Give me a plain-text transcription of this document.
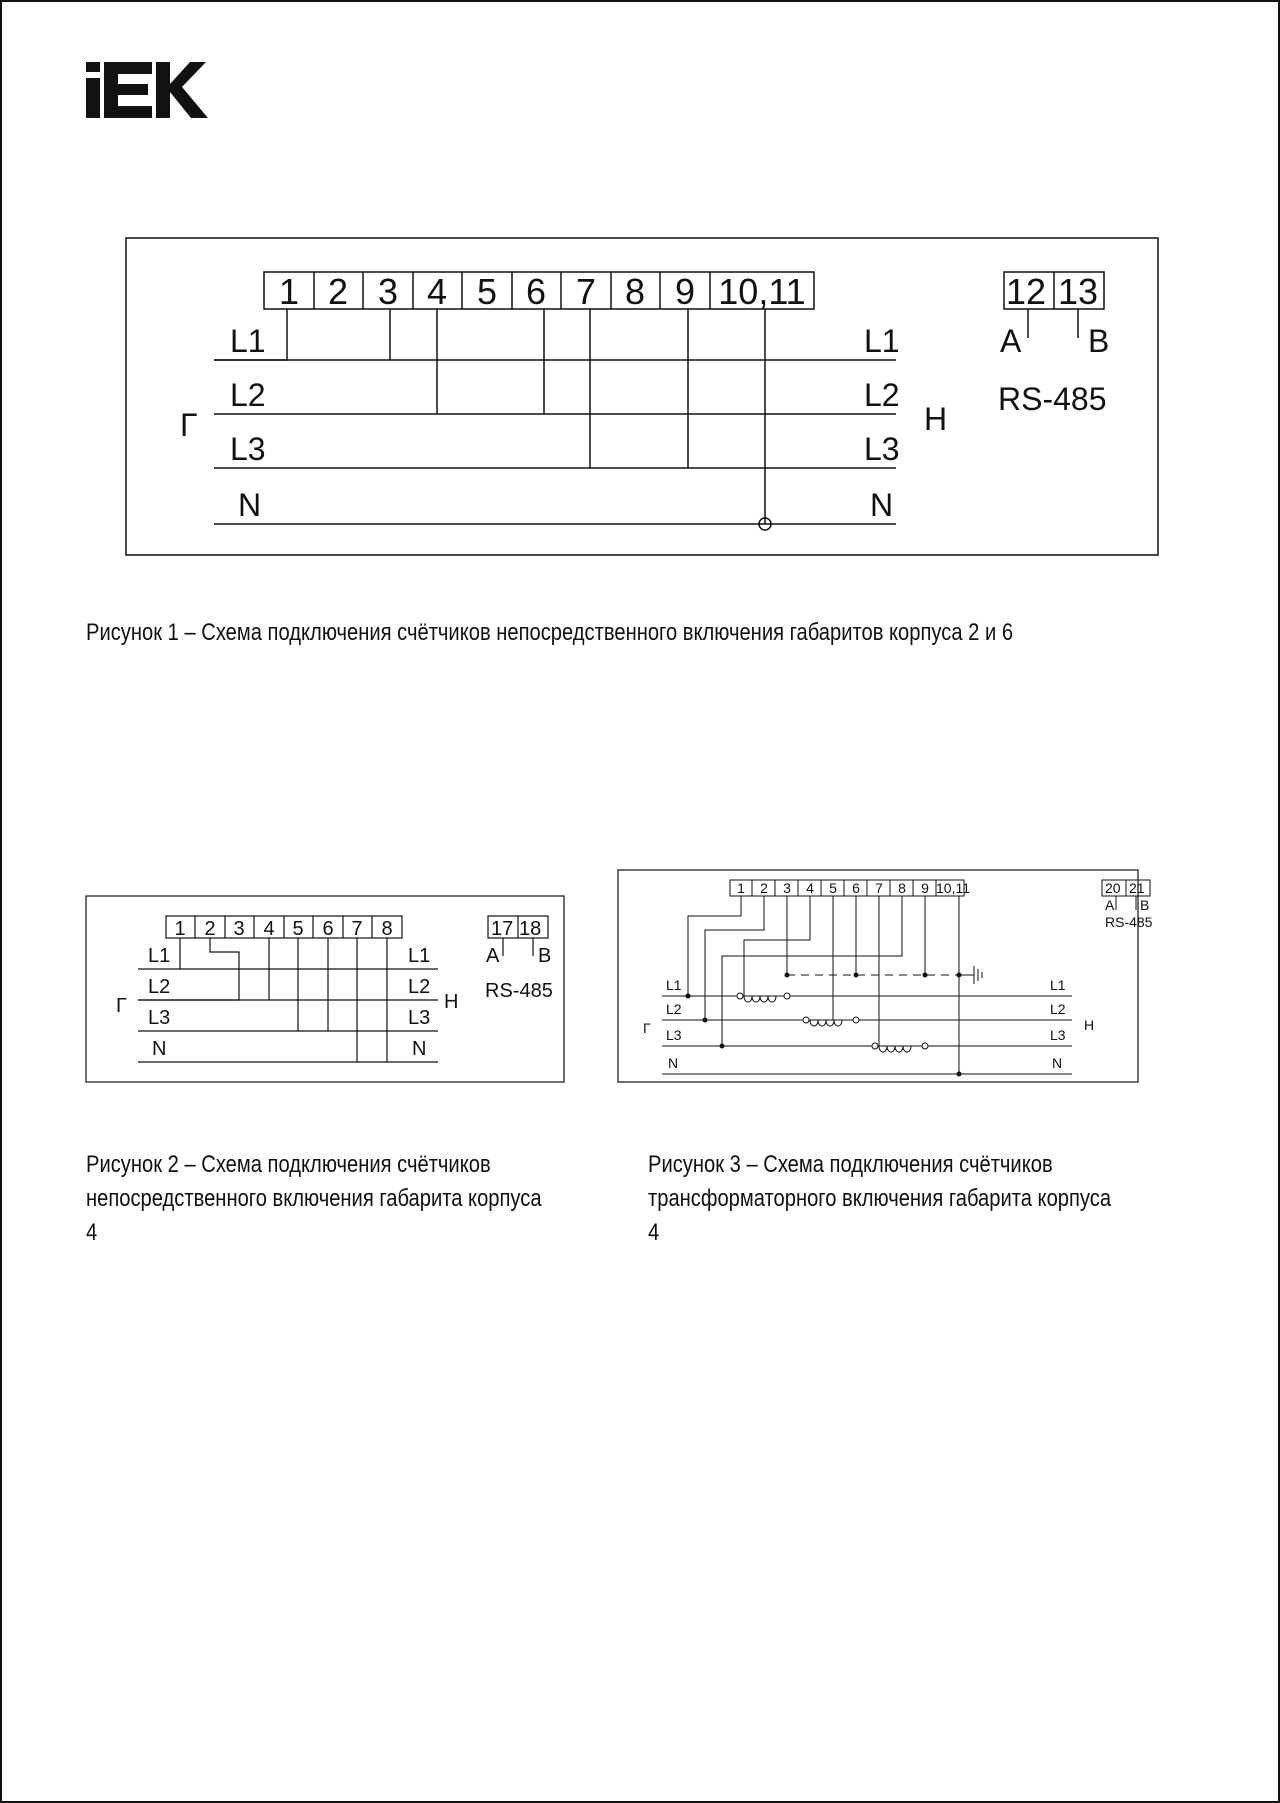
1 2 3 4 5 6 7 8 9 10,11
L1
L2
L3
N
L1
L2
L3
N
Г	Н
12 13
A B
RS-485
1 2 3 4 5 6 7 8
L1
L2
L3
N
L1
L2
L3
N
Г	Н
17 18
A B
RS-485
1 2 3 4 5 6 7 8 9 10,11
L1
L2
L3
N
L1
L2
L3
N
Г	Н
20 21
A B
RS-485
Рисунок 1 – Схема подключения счётчиков непосредственного включения габаритов корпуса 2 и 6
Рисунок 2 – Схема подключения счётчиков непосредственного включения габарита корпуса 4
Рисунок 3 – Схема подключения счётчиков трансформаторного включения габарита корпуса 4
